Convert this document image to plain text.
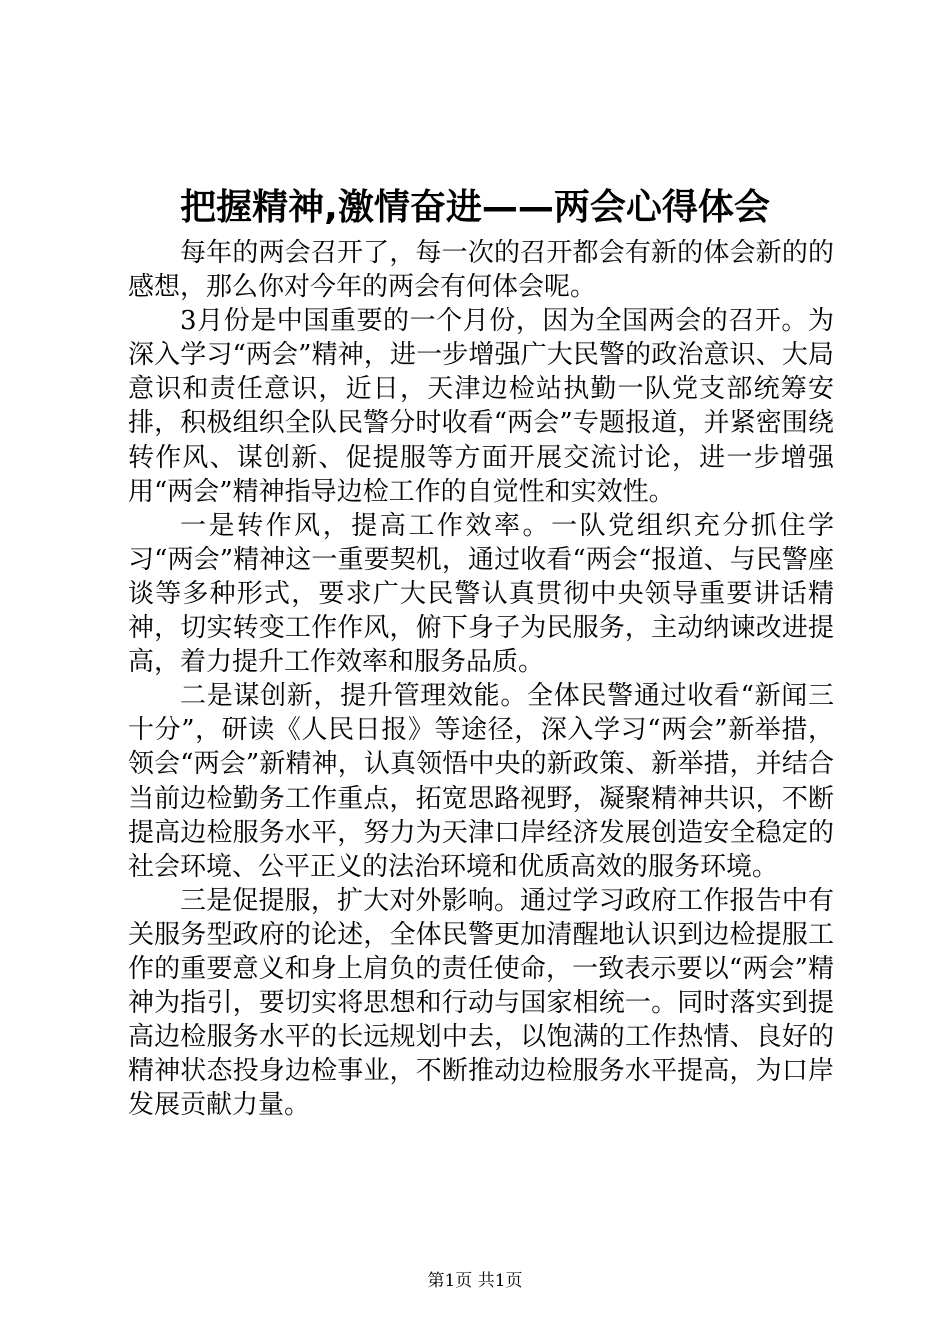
把握精神,激情奋进——两会心得体会

每年的两会召开了，每一次的召开都会有新的体会新的的感想，那么你对今年的两会有何体会呢。

3月份是中国重要的一个月份，因为全国两会的召开。为深入学习“两会”精神，进一步增强广大民警的政治意识、大局意识和责任意识，近日，天津边检站执勤一队党支部统筹安排，积极组织全队民警分时收看“两会”专题报道，并紧密围绕转作风、谋创新、促提服等方面开展交流讨论，进一步增强用“两会”精神指导边检工作的自觉性和实效性。

一是转作风，提高工作效率。一队党组织充分抓住学习“两会”精神这一重要契机，通过收看“两会“报道、与民警座谈等多种形式，要求广大民警认真贯彻中央领导重要讲话精神，切实转变工作作风，俯下身子为民服务，主动纳谏改进提高，着力提升工作效率和服务品质。

二是谋创新，提升管理效能。全体民警通过收看“新闻三十分”，研读《人民日报》等途径，深入学习“两会”新举措，领会“两会”新精神，认真领悟中央的新政策、新举措，并结合当前边检勤务工作重点，拓宽思路视野，凝聚精神共识，不断提高边检服务水平，努力为天津口岸经济发展创造安全稳定的社会环境、公平正义的法治环境和优质高效的服务环境。

三是促提服，扩大对外影响。通过学习政府工作报告中有关服务型政府的论述，全体民警更加清醒地认识到边检提服工作的重要意义和身上肩负的责任使命，一致表示要以“两会”精神为指引，要切实将思想和行动与国家相统一。同时落实到提高边检服务水平的长远规划中去，以饱满的工作热情、良好的精神状态投身边检事业，不断推动边检服务水平提高，为口岸发展贡献力量。

第1页 共1页
